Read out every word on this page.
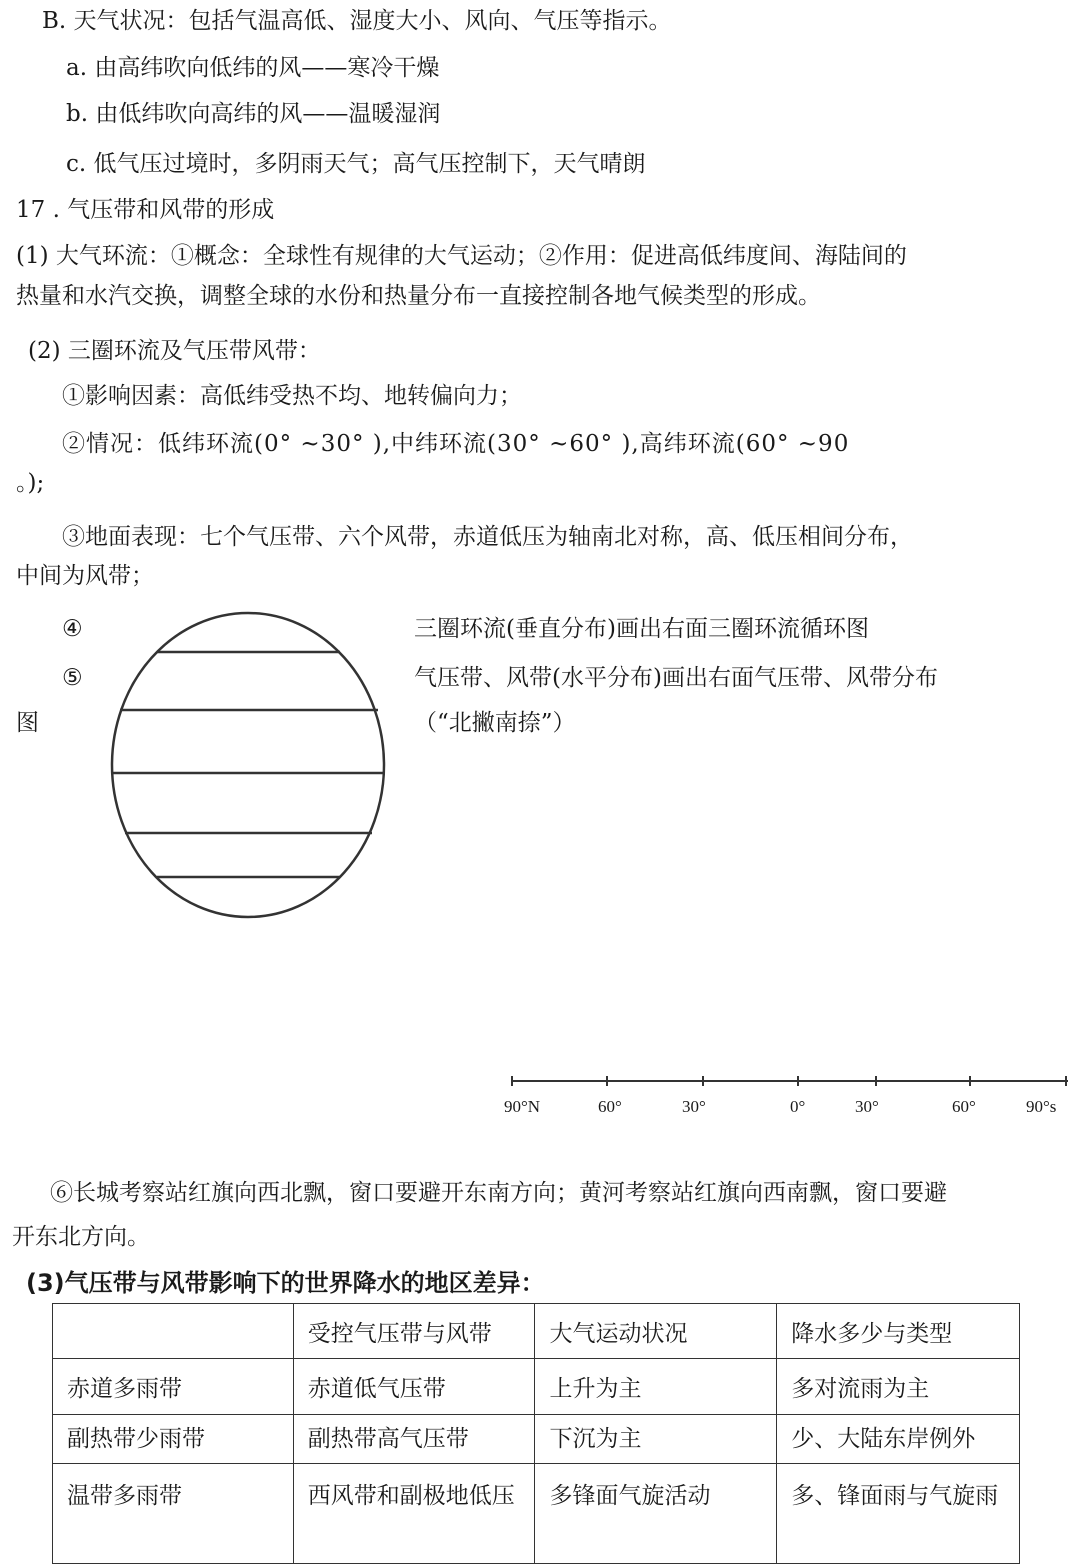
B. 天气状况：包括气温高低、湿度大小、风向、气压等指示。
a. 由高纬吹向低纬的风——寒冷干燥
b. 由低纬吹向高纬的风——温暖湿润
c. 低气压过境时，多阴雨天气；高气压控制下，天气晴朗
17 . 气压带和风带的形成
(1) 大气环流：①概念：全球性有规律的大气运动；②作用：促进高低纬度间、海陆间的
热量和水汽交换，调整全球的水份和热量分布一直接控制各地气候类型的形成。
(2) 三圈环流及气压带风带：
①影响因素：高低纬受热不均、地转偏向力；
②情况：低纬环流(0° ~30° ),中纬环流(30° ~60° ),高纬环流(60° ~90
。);
③地面表现：七个气压带、六个风带，赤道低压为轴南北对称，高、低压相间分布，
中间为风带；
④
⑤
图
三圈环流(垂直分布)画出右面三圈环流循环图
气压带、风带(水平分布)画出右面气压带、风带分布
（“北撇南捺”）
90°N	60°	30°	0°	30°	60°	90°s
⑥长城考察站红旗向西北飘，窗口要避开东南方向；黄河考察站红旗向西南飘，窗口要避
开东北方向。
(3)气压带与风带影响下的世界降水的地区差异：
	受控气压带与风带	大气运动状况	降水多少与类型
赤道多雨带	赤道低气压带	上升为主	多对流雨为主
副热带少雨带	副热带高气压带	下沉为主	少、大陆东岸例外
温带多雨带	西风带和副极地低压	多锋面气旋活动	多、锋面雨与气旋雨
